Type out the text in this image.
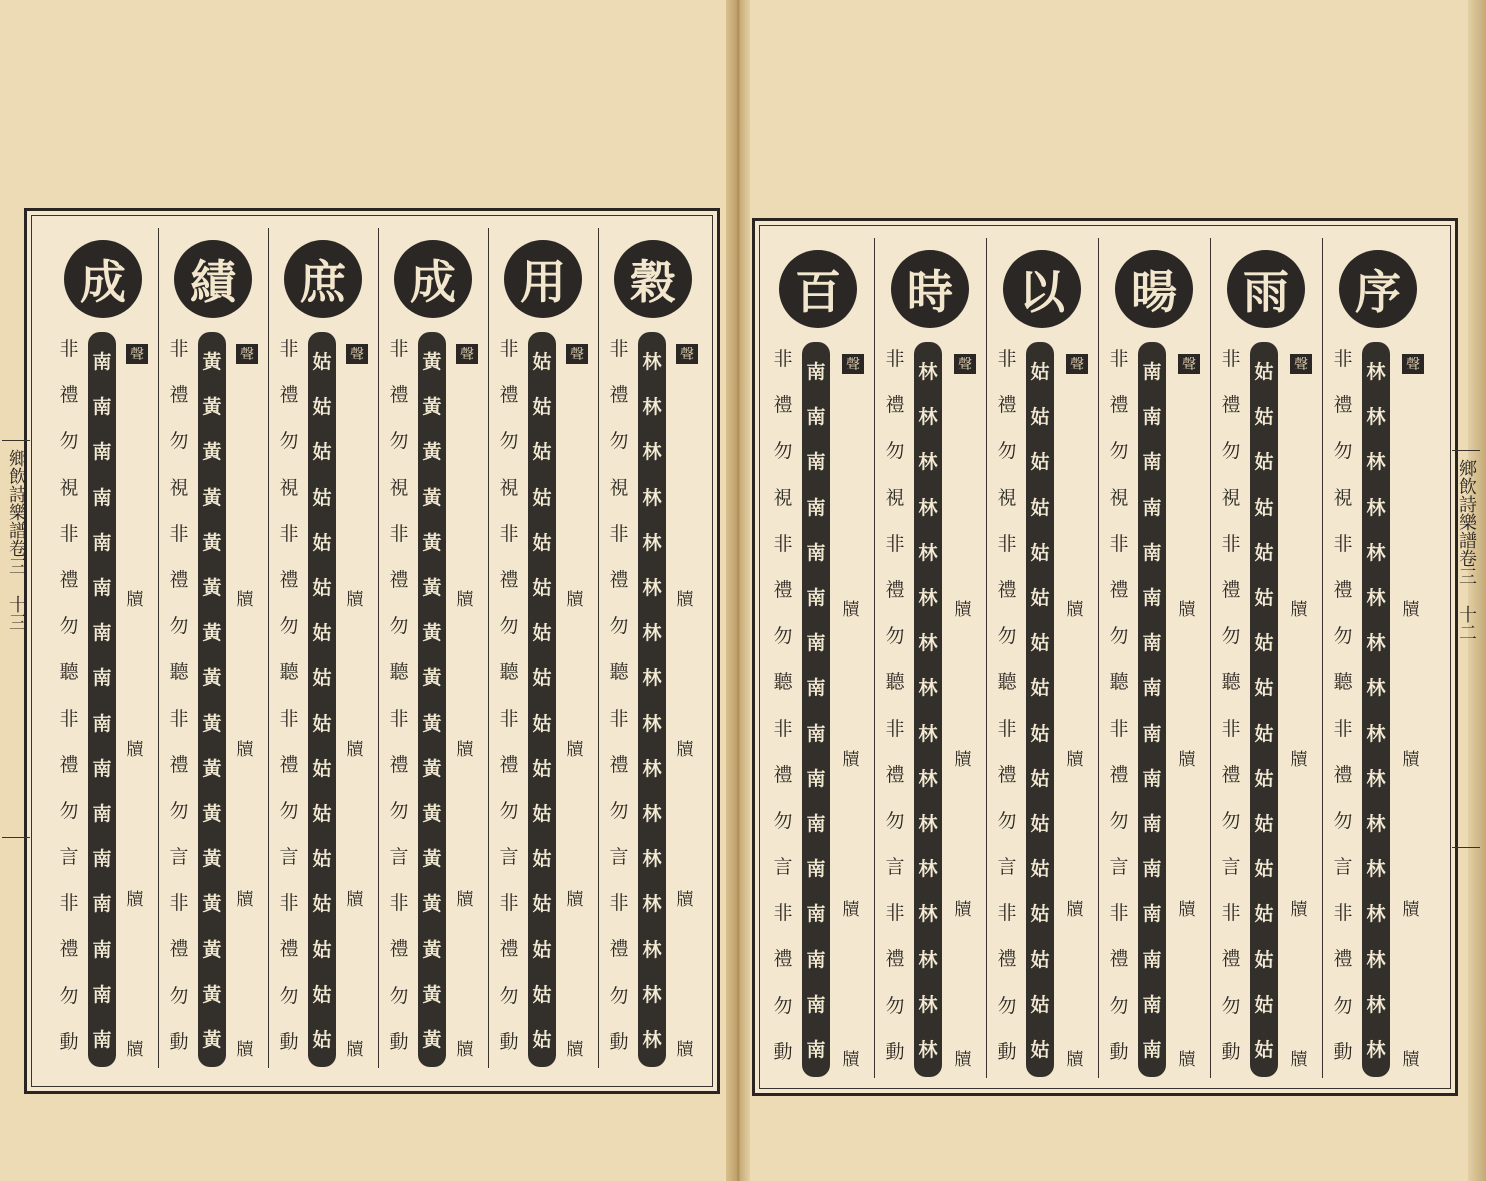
鄉飲詩樂譜卷三
十三
鄉飲詩樂譜卷三
十二
成
聲
非
禮
勿
視
非
禮
勿
聽
非
禮
勿
言
非
禮
勿
動
南
南
南
南
南
南
南
南
南
南
南
南
南
南
南
南
牘
牘
牘
牘
績
聲
非
禮
勿
視
非
禮
勿
聽
非
禮
勿
言
非
禮
勿
動
黃
黃
黃
黃
黃
黃
黃
黃
黃
黃
黃
黃
黃
黃
黃
黃
牘
牘
牘
牘
庶
聲
非
禮
勿
視
非
禮
勿
聽
非
禮
勿
言
非
禮
勿
動
姑
姑
姑
姑
姑
姑
姑
姑
姑
姑
姑
姑
姑
姑
姑
姑
牘
牘
牘
牘
成
聲
非
禮
勿
視
非
禮
勿
聽
非
禮
勿
言
非
禮
勿
動
黃
黃
黃
黃
黃
黃
黃
黃
黃
黃
黃
黃
黃
黃
黃
黃
牘
牘
牘
牘
用
聲
非
禮
勿
視
非
禮
勿
聽
非
禮
勿
言
非
禮
勿
動
姑
姑
姑
姑
姑
姑
姑
姑
姑
姑
姑
姑
姑
姑
姑
姑
牘
牘
牘
牘
穀
聲
非
禮
勿
視
非
禮
勿
聽
非
禮
勿
言
非
禮
勿
動
林
林
林
林
林
林
林
林
林
林
林
林
林
林
林
林
牘
牘
牘
牘
百
聲
非
禮
勿
視
非
禮
勿
聽
非
禮
勿
言
非
禮
勿
動
南
南
南
南
南
南
南
南
南
南
南
南
南
南
南
南
牘
牘
牘
牘
時
聲
非
禮
勿
視
非
禮
勿
聽
非
禮
勿
言
非
禮
勿
動
林
林
林
林
林
林
林
林
林
林
林
林
林
林
林
林
牘
牘
牘
牘
以
聲
非
禮
勿
視
非
禮
勿
聽
非
禮
勿
言
非
禮
勿
動
姑
姑
姑
姑
姑
姑
姑
姑
姑
姑
姑
姑
姑
姑
姑
姑
牘
牘
牘
牘
暘
聲
非
禮
勿
視
非
禮
勿
聽
非
禮
勿
言
非
禮
勿
動
南
南
南
南
南
南
南
南
南
南
南
南
南
南
南
南
牘
牘
牘
牘
雨
聲
非
禮
勿
視
非
禮
勿
聽
非
禮
勿
言
非
禮
勿
動
姑
姑
姑
姑
姑
姑
姑
姑
姑
姑
姑
姑
姑
姑
姑
姑
牘
牘
牘
牘
序
聲
非
禮
勿
視
非
禮
勿
聽
非
禮
勿
言
非
禮
勿
動
林
林
林
林
林
林
林
林
林
林
林
林
林
林
林
林
牘
牘
牘
牘
